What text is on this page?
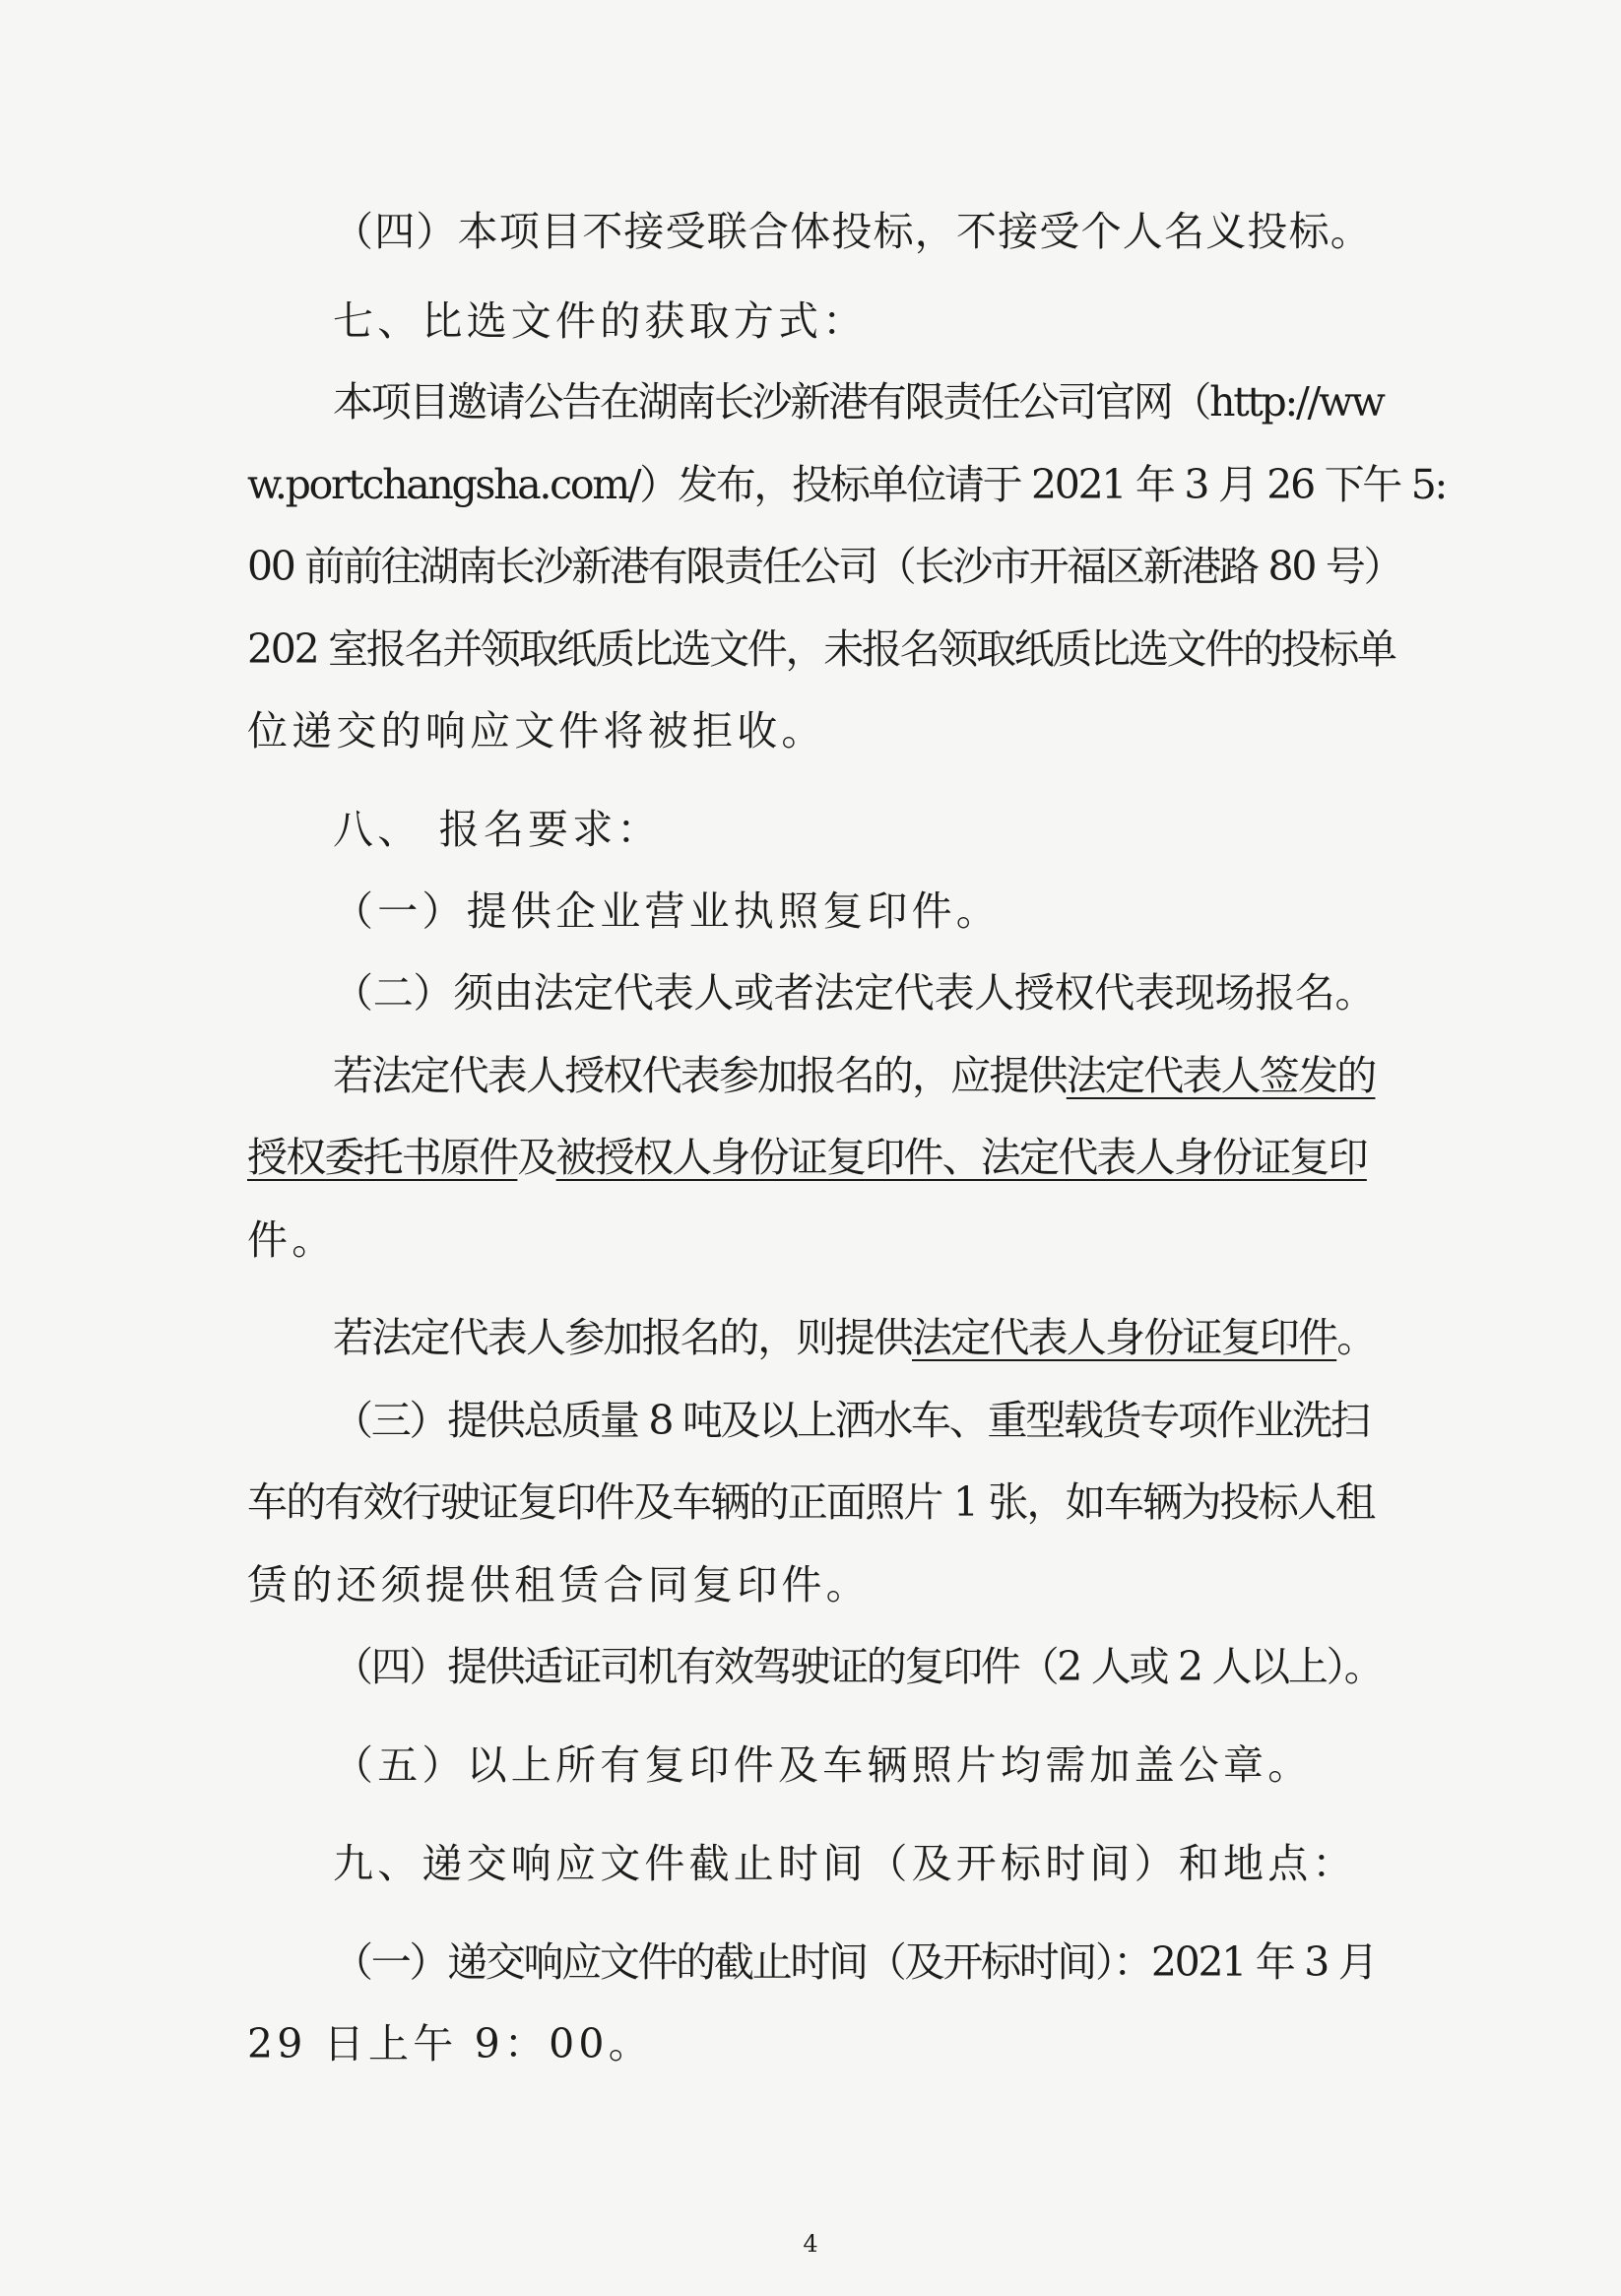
（四）本项目不接受联合体投标，不接受个人名义投标。
七、比选文件的获取方式：
本项目邀请公告在湖南长沙新港有限责任公司官网（http://ww
w.portchangsha.com/）发布，投标单位请于 2021 年 3 月 26 下午 5:
00 前前往湖南长沙新港有限责任公司（长沙市开福区新港路 80 号）
202 室报名并领取纸质比选文件，未报名领取纸质比选文件的投标单
位递交的响应文件将被拒收。
八、 报名要求：
（一）提供企业营业执照复印件。
（二）须由法定代表人或者法定代表人授权代表现场报名。
若法定代表人授权代表参加报名的，应提供法定代表人签发的
授权委托书原件及被授权人身份证复印件、法定代表人身份证复印
件。
若法定代表人参加报名的，则提供法定代表人身份证复印件。
（三）提供总质量 8 吨及以上洒水车、重型载货专项作业洗扫
车的有效行驶证复印件及车辆的正面照片 1 张，如车辆为投标人租
赁的还须提供租赁合同复印件。
（四）提供适证司机有效驾驶证的复印件（2 人或 2 人以上）。
（五）以上所有复印件及车辆照片均需加盖公章。
九、递交响应文件截止时间（及开标时间）和地点：
（一）递交响应文件的截止时间（及开标时间）：2021 年 3 月
29 日上午 9：00。
4
